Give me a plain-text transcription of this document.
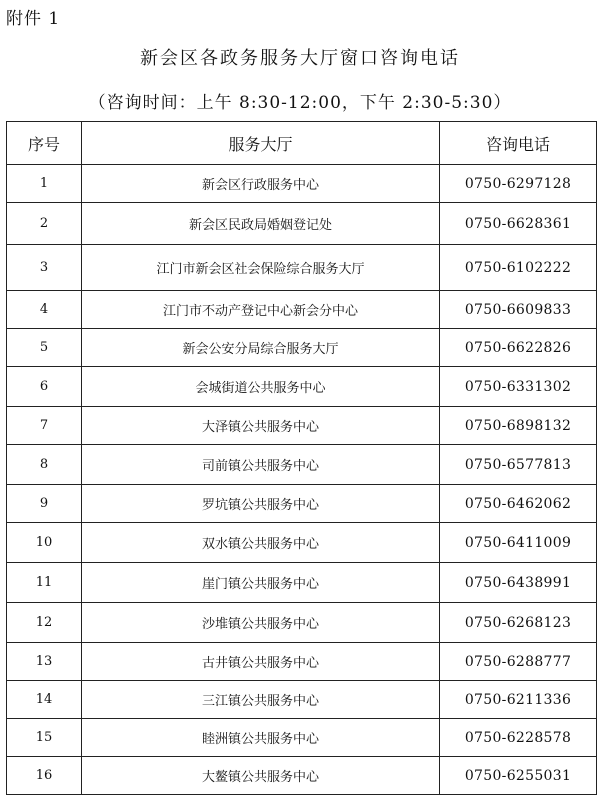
附件 1
新会区各政务服务大厅窗口咨询电话
（咨询时间：上午 8:30-12:00，下午 2:30-5:30）
序号	服务大厅	咨询电话
1	新会区行政服务中心	0750-6297128
2	新会区民政局婚姻登记处	0750-6628361
3	江门市新会区社会保险综合服务大厅	0750-6102222
4	江门市不动产登记中心新会分中心	0750-6609833
5	新会公安分局综合服务大厅	0750-6622826
6	会城街道公共服务中心	0750-6331302
7	大泽镇公共服务中心	0750-6898132
8	司前镇公共服务中心	0750-6577813
9	罗坑镇公共服务中心	0750-6462062
10	双水镇公共服务中心	0750-6411009
11	崖门镇公共服务中心	0750-6438991
12	沙堆镇公共服务中心	0750-6268123
13	古井镇公共服务中心	0750-6288777
14	三江镇公共服务中心	0750-6211336
15	睦洲镇公共服务中心	0750-6228578
16	大鳌镇公共服务中心	0750-6255031
